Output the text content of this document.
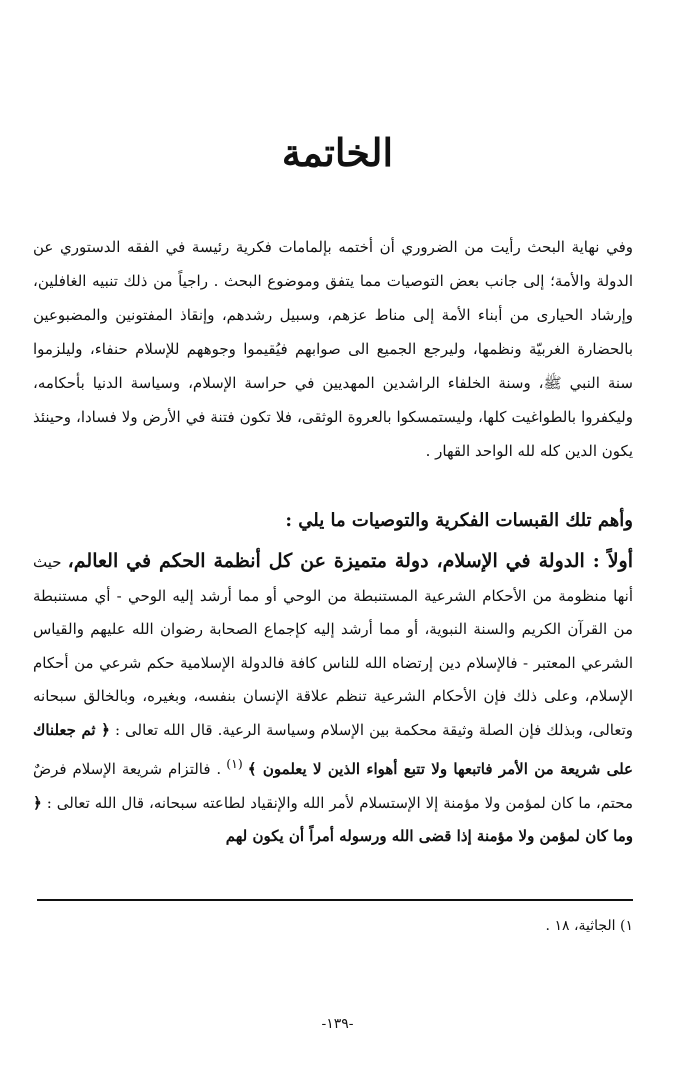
الخاتمة

وفي نهاية البحث رأيت من الضروري أن أختمه بإلمامات فكرية رئيسة في الفقه الدستوري عن الدولة والأمة؛ إلى جانب بعض التوصيات مما يتفق وموضوع البحث . راجياً من ذلك تنبيه الغافلين، وإرشاد الحيارى من أبناء الأمة إلى مناط عزهم، وسبيل رشدهم، وإنقاذ المفتونين والمضبوعين بالحضارة الغربيّة ونظمها، وليرجع الجميع الى صوابهم فيُقيموا وجوههم للإسلام حنفاء، وليلزموا سنة النبي ﷺ، وسنة الخلفاء الراشدين المهديين في حراسة الإسلام، وسياسة الدنيا بأحكامه، وليكفروا بالطواغيت كلها، وليستمسكوا بالعروة الوثقى، فلا تكون فتنة في الأرض ولا فسادا، وحينئذ يكون الدين كله لله الواحد القهار .

وأهم تلك القبسات الفكرية والتوصيات ما يلي :

أولاً : الدولة في الإسلام، دولة متميزة عن كل أنظمة الحكم في العالم، حيث أنها منظومة من الأحكام الشرعية المستنبطة من الوحي أو مما أرشد إليه الوحي - أي مستنبطة من القرآن الكريم والسنة النبوية، أو مما أرشد إليه كإجماع الصحابة رضوان الله عليهم والقياس الشرعي المعتبر - فالإسلام دين إرتضاه الله للناس كافة فالدولة الإسلامية حكم شرعي من أحكام الإسلام، وعلى ذلك فإن الأحكام الشرعية تنظم علاقة الإنسان بنفسه، وبغيره، وبالخالق سبحانه وتعالى، وبذلك فإن الصلة وثيقة محكمة بين الإسلام وسياسة الرعية. قال الله تعالى : ﴿ ثم جعلناك على شريعة من الأمر فاتبعها ولا تتبع أهواء الذين لا يعلمون ﴾ $^{(١)}$ . فالتزام شريعة الإسلام فرضٌ محتم، ما كان لمؤمن ولا مؤمنة إلا الإستسلام لأمر الله والإنقياد لطاعته سبحانه، قال الله تعالى : ﴿ وما كان لمؤمن ولا مؤمنة إذا قضى الله ورسوله أمراً أن يكون لهم

١) الجاثية، ١٨ .

-١٣٩-
